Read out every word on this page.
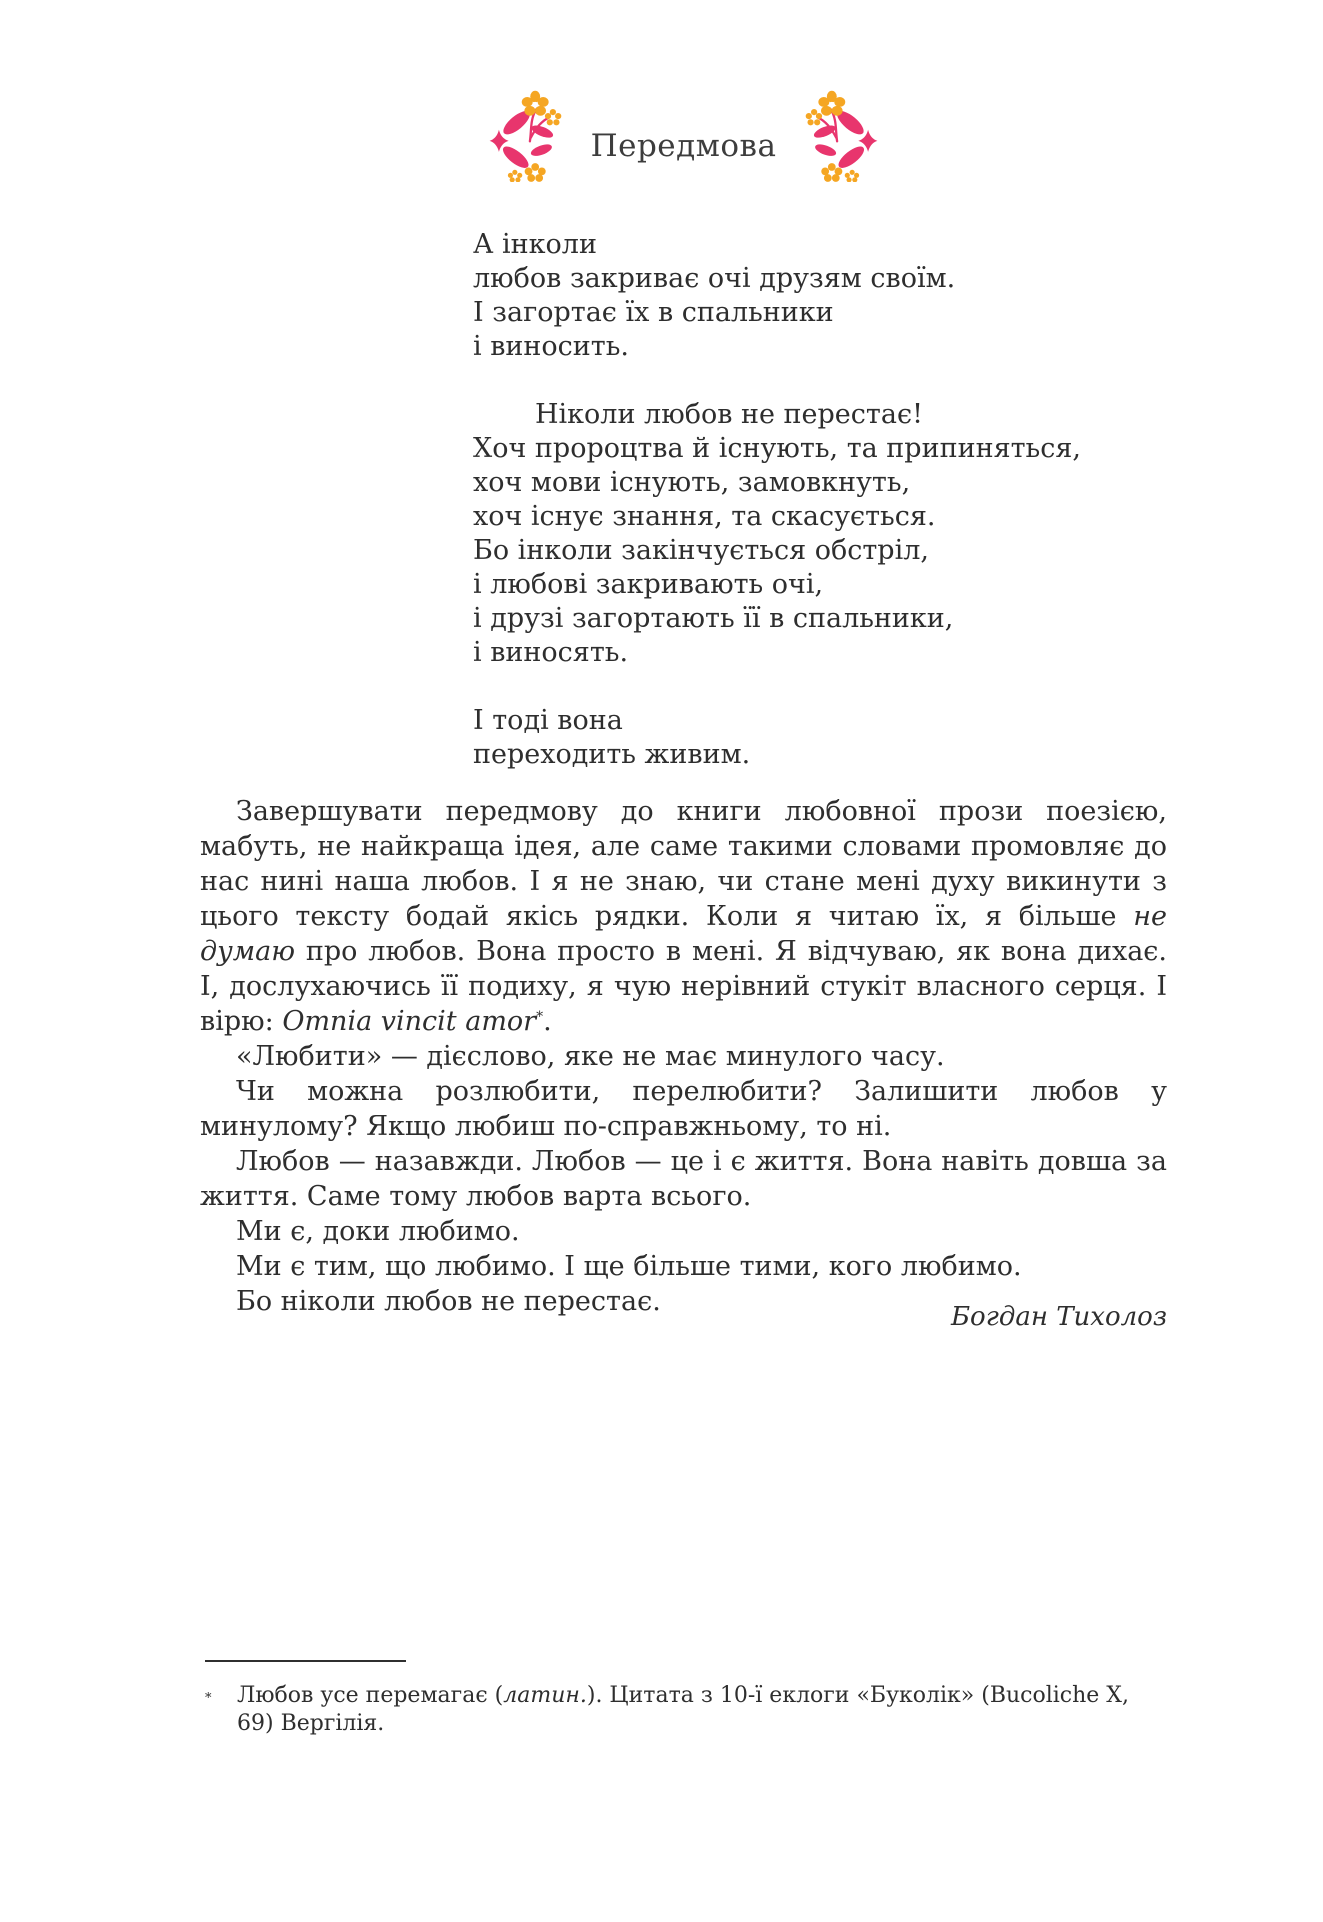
Передмова
А інколи
любов закриває очі друзям своїм.
І загортає їх в спальники
і виносить.
Ніколи любов не перестає!
Хоч пророцтва й існують, та припиняться,
хоч мови існують, замовкнуть,
хоч існує знання, та скасується.
Бо інколи закінчується обстріл,
і любові закривають очі,
і друзі загортають її в спальники,
і виносять.
І тоді вона
переходить живим.

Завершувати передмову до книги любовної прози поезією, мабуть, не найкраща ідея, але саме такими словами промовляє до нас нині наша любов. І я не знаю, чи стане мені духу викинути з цього тексту бодай якісь рядки. Коли я читаю їх, я більше не думаю про любов. Вона просто в мені. Я відчуваю, як вона дихає. І, дослухаючись її подиху, я чую нерівний стукіт власного серця. І вірю: Omnia vincit amor*.

«Любити» — дієслово, яке не має минулого часу.

Чи можна розлюбити, перелюбити? Залишити любов у минулому? Якщо любиш по-справжньому, то ні.

Любов — назавжди. Любов — це і є життя. Вона навіть довша за життя. Саме тому любов варта всього.

Ми є, доки любимо.

Ми є тим, що любимо. І ще більше тими, кого любимо.

Бо ніколи любов не перестає.	Богдан Тихолоз
*	Любов усе перемагає (латин.). Цитата з 10-ї еклоги «Буколік» (Bucoliche X, 69) Вергілія.
